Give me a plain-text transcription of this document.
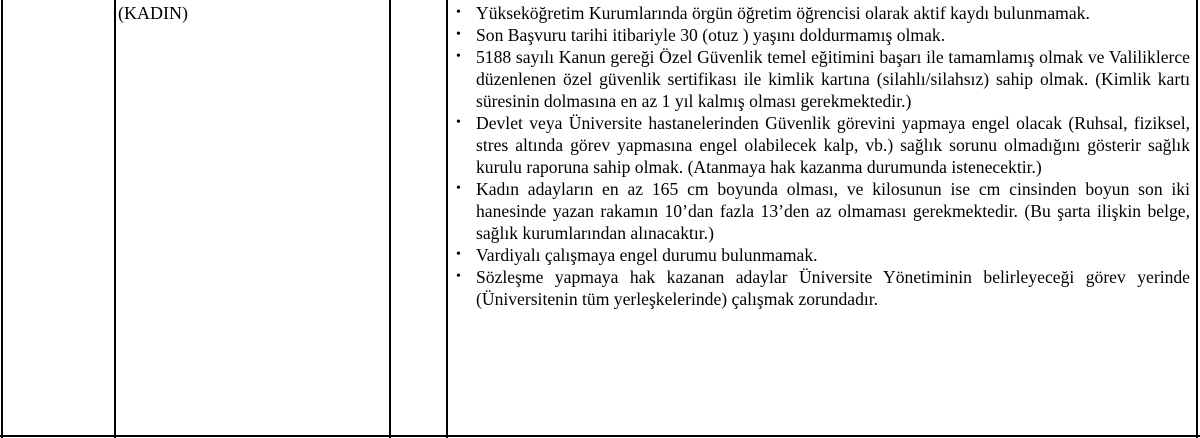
(KADIN)	• Yükseköğretim Kurumlarında örgün öğretim öğrencisi olarak aktif kaydı bulunmamak.
• Son Başvuru tarihi itibariyle 30 (otuz ) yaşını doldurmamış olmak.
• 5188 sayılı Kanun gereği Özel Güvenlik temel eğitimini başarı ile tamamlamış olmak ve Valiliklerce düzenlenen özel güvenlik sertifikası ile kimlik kartına (silahlı/silahsız) sahip olmak. (Kimlik kartı süresinin dolmasına en az 1 yıl kalmış olması gerekmektedir.)
• Devlet veya Üniversite hastanelerinden Güvenlik görevini yapmaya engel olacak (Ruhsal, fiziksel, stres altında görev yapmasına engel olabilecek kalp, vb.) sağlık sorunu olmadığını gösterir sağlık kurulu raporuna sahip olmak. (Atanmaya hak kazanma durumunda istenecektir.)
• Kadın adayların en az 165 cm boyunda olması, ve kilosunun ise cm cinsinden boyun son iki hanesinde yazan rakamın 10’dan fazla 13’den az olmaması gerekmektedir. (Bu şarta ilişkin belge, sağlık kurumlarından alınacaktır.)
• Vardiyalı çalışmaya engel durumu bulunmamak.
• Sözleşme yapmaya hak kazanan adaylar Üniversite Yönetiminin belirleyeceği görev yerinde (Üniversitenin tüm yerleşkelerinde) çalışmak zorundadır.
